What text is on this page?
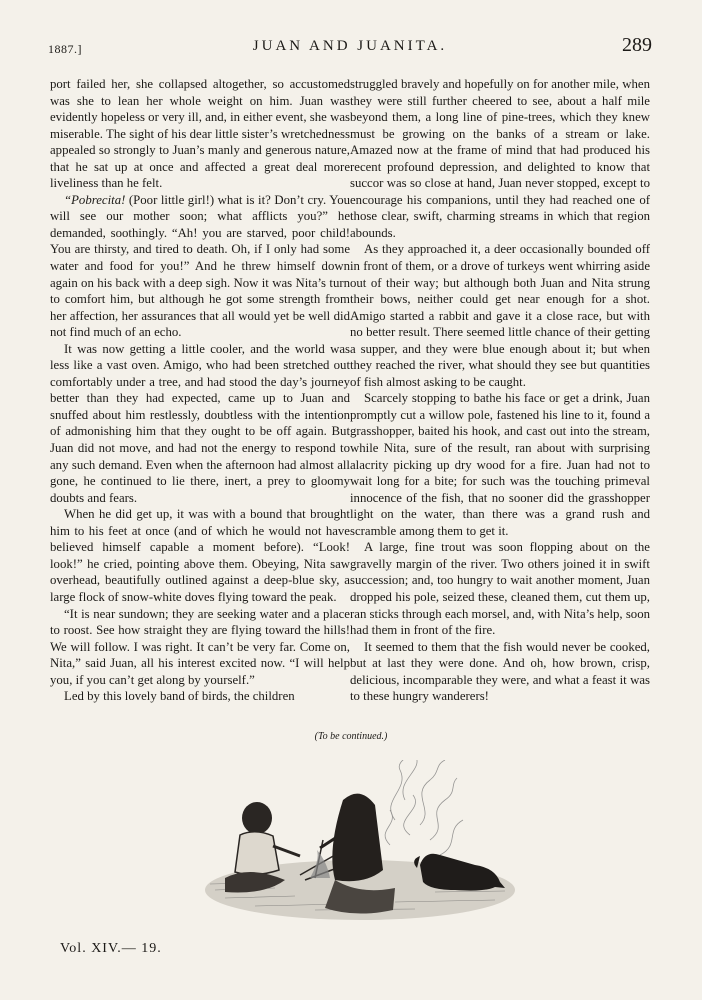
1887.]	JUAN AND JUANITA.	289

port failed her, she collapsed altogether, so accustomed was she to lean her whole weight on him. Juan was evidently hopeless or very ill, and, in either event, she was miserable. The sight of his dear little sister’s wretchedness appealed so strongly to Juan’s manly and generous nature, that he sat up at once and affected a great deal more liveliness than he felt.

“Pobrecita! (Poor little girl!) what is it? Don’t cry. You will see our mother soon; what afflicts you?” he demanded, soothingly. “Ah! you are starved, poor child! You are thirsty, and tired to death. Oh, if I only had some water and food for you!” And he threw himself down again on his back with a deep sigh. Now it was Nita’s turn to comfort him, but although he got some strength from her affection, her assurances that all would yet be well did not find much of an echo.

It was now getting a little cooler, and the world was less like a vast oven. Amigo, who had been stretched out comfortably under a tree, and had stood the day’s journey better than they had expected, came up to Juan and snuffed about him restlessly, doubtless with the intention of admonishing him that they ought to be off again. But Juan did not move, and had not the energy to respond to any such demand. Even when the afternoon had almost all gone, he continued to lie there, inert, a prey to gloomy doubts and fears.

When he did get up, it was with a bound that brought him to his feet at once (and of which he would not have believed himself capable a moment before). “Look! look!” he cried, pointing above them. Obeying, Nita saw overhead, beautifully outlined against a deep-blue sky, a large flock of snow-white doves flying toward the peak.

“It is near sundown; they are seeking water and a place to roost. See how straight they are flying toward the hills! We will follow. I was right. It can’t be very far. Come on, Nita,” said Juan, all his interest excited now. “I will help you, if you can’t get along by yourself.”

Led by this lovely band of birds, the children

struggled bravely and hopefully on for another mile, when they were still further cheered to see, about a half mile beyond them, a long line of pine-trees, which they knew must be growing on the banks of a stream or lake. Amazed now at the frame of mind that had produced his recent profound depression, and delighted to know that succor was so close at hand, Juan never stopped, except to encourage his companions, until they had reached one of those clear, swift, charming streams in which that region abounds.

As they approached it, a deer occasionally bounded off in front of them, or a drove of turkeys went whirring aside out of their way; but although both Juan and Nita strung their bows, neither could get near enough for a shot. Amigo started a rabbit and gave it a close race, but with no better result. There seemed little chance of their getting a supper, and they were blue enough about it; but when they reached the river, what should they see but quantities of fish almost asking to be caught.

Scarcely stopping to bathe his face or get a drink, Juan promptly cut a willow pole, fastened his line to it, found a grasshopper, baited his hook, and cast out into the stream, while Nita, sure of the result, ran about with surprising alacrity picking up dry wood for a fire. Juan had not to wait long for a bite; for such was the touching primeval innocence of the fish, that no sooner did the grasshopper light on the water, than there was a grand rush and scramble among them to get it.

A large, fine trout was soon flopping about on the gravelly margin of the river. Two others joined it in swift succession; and, too hungry to wait another moment, Juan dropped his pole, seized these, cleaned them, cut them up, ran sticks through each morsel, and, with Nita’s help, soon had them in front of the fire.

It seemed to them that the fish would never be cooked, but at last they were done. And oh, how brown, crisp, delicious, incomparable they were, and what a feast it was to these hungry wanderers!

(To be continued.)
Vol. XIV.— 19.
